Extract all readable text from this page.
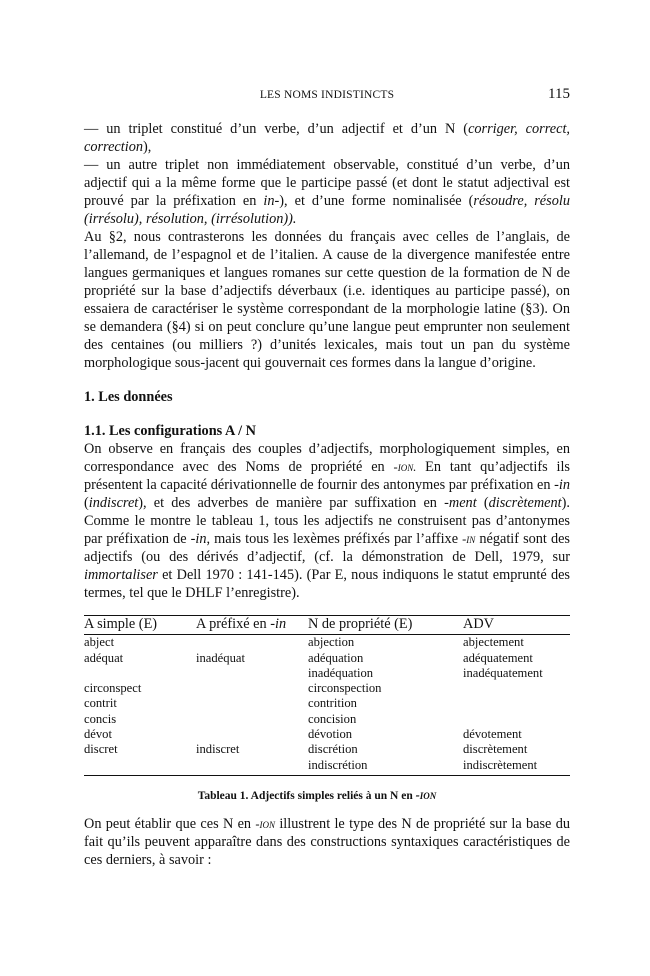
LES NOMS INDISTINCTS	115

— un triplet constitué d’un verbe, d’un adjectif et d’un N (corriger, correct, correction),

— un autre triplet non immédiatement observable, constitué d’un verbe, d’un adjectif qui a la même forme que le participe passé (et dont le statut adjectival est prouvé par la préfixation en in-), et d’une forme nominalisée (résoudre, résolu (irrésolu), résolution, (irrésolution)).

Au §2, nous contrasterons les données du français avec celles de l’anglais, de l’allemand, de l’espagnol et de l’italien. A cause de la divergence manifestée entre langues germaniques et langues romanes sur cette question de la formation de N de propriété sur la base d’adjectifs déverbaux (i.e. identiques au participe passé), on essaiera de caractériser le système correspondant de la morphologie latine (§3). On se demandera (§4) si on peut conclure qu’une langue peut emprunter non seulement des centaines (ou milliers ?) d’unités lexicales, mais tout un pan du système morphologique sous-jacent qui gouvernait ces formes dans la langue d’origine.

1. Les données

1.1. Les configurations A / N

On observe en français des couples d’adjectifs, morphologiquement simples, en correspondance avec des Noms de propriété en -ion. En tant qu’adjectifs ils présentent la capacité dérivationnelle de fournir des antonymes par préfixation en -in (indiscret), et des adverbes de manière par suffixation en -ment (discrètement). Comme le montre le tableau 1, tous les adjectifs ne construisent pas d’antonymes par préfixation de -in, mais tous les lexèmes préfixés par l’affixe -in négatif sont des adjectifs (ou des dérivés d’adjectif, (cf. la démonstration de Dell, 1979, sur immortaliser et Dell 1970 : 141-145). (Par E, nous indiquons le statut emprunté des termes, tel que le DHLF l’enregistre).

A simple (E)	A préfixé en -in	N de propriété (E)	ADV
abject		abjection	abjectement
adéquat	inadéquat	adéquation	adéquatement
		inadéquation	inadéquatement
circonspect		circonspection	
contrit		contrition	
concis		concision	
dévot		dévotion	dévotement
discret	indiscret	discrétion	discrètement
		indiscrétion	indiscrètement
Tableau 1. Adjectifs simples reliés à un N en -ion

On peut établir que ces N en -ion illustrent le type des N de propriété sur la base du fait qu’ils peuvent apparaître dans des constructions syntaxiques caractéristiques de ces derniers, à savoir :
